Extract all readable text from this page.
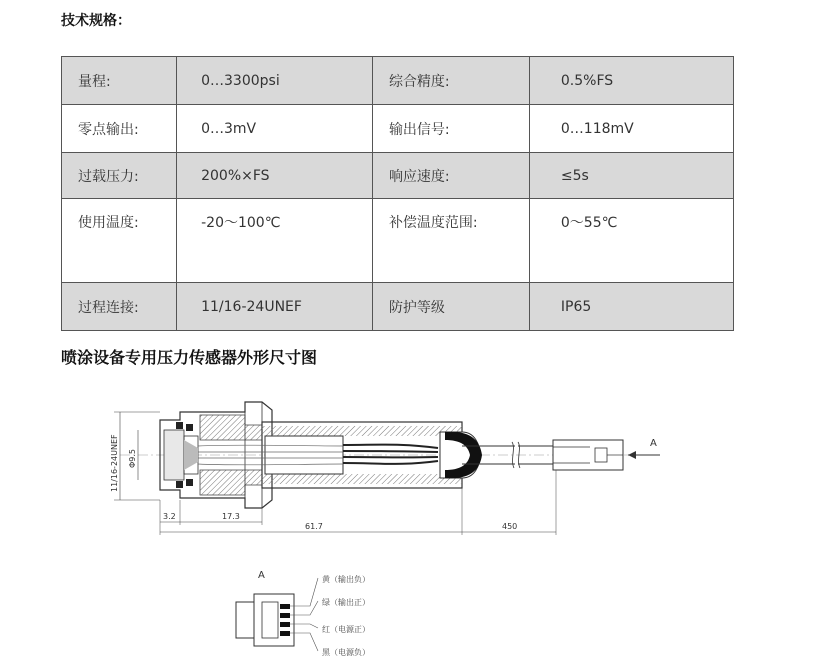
技术规格：
量程:	0…3300psi	综合精度:	0.5%FS
零点输出:	0…3mV	输出信号:	0…118mV
过载压力:	200%×FS	响应速度:	≤5s
使用温度:	-20～100℃	补偿温度范围:	0～55℃
过程连接:	11/16-24UNEF	防护等级	IP65
喷涂设备专用压力传感器外形尺寸图
A
11/16-24UNEF Φ9.5
3.2	17.3
61.7	450
A	黄（输出负）
绿（输出正）
红（电源正）
黑（电源负）
